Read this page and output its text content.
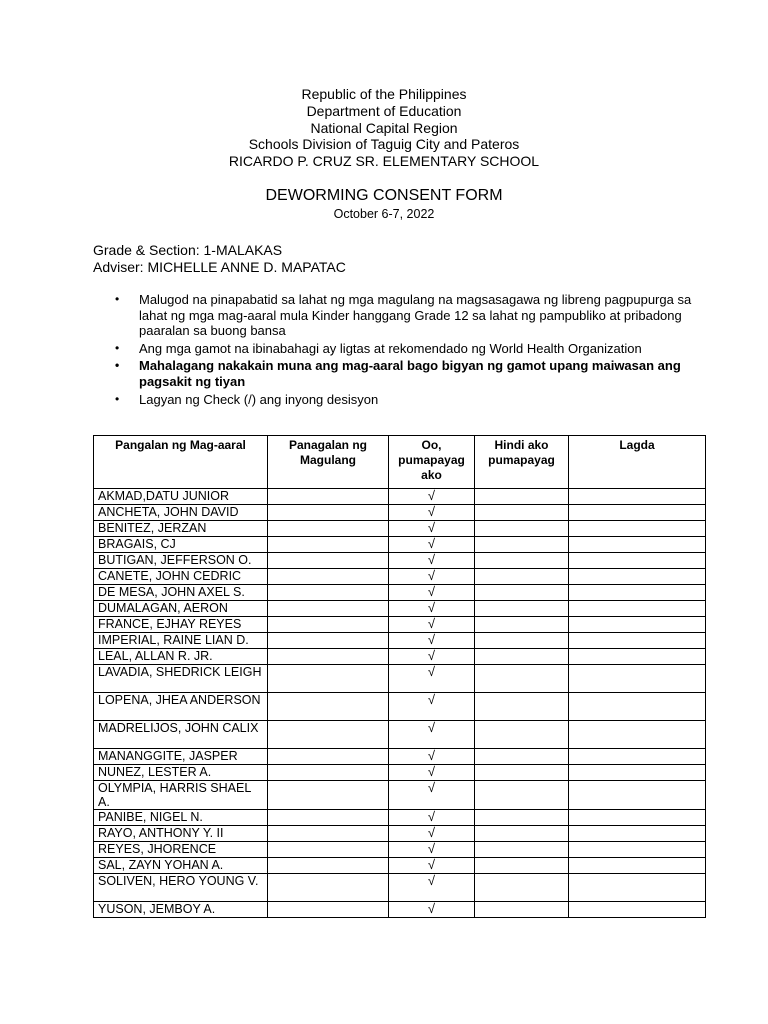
Republic of the Philippines
Department of Education
National Capital Region
Schools Division of Taguig City and Pateros
RICARDO P. CRUZ SR. ELEMENTARY SCHOOL
DEWORMING CONSENT FORM
October 6-7, 2022
Grade & Section: 1-MALAKAS
Adviser: MICHELLE ANNE D. MAPATAC
• Malugod na pinapabatid sa lahat ng mga magulang na magsasagawa ng libreng pagpupurga sa lahat ng mga mag-aaral mula Kinder hanggang Grade 12 sa lahat ng pampubliko at pribadong paaralan sa buong bansa
• Ang mga gamot na ibinabahagi ay ligtas at rekomendado ng World Health Organization
• Mahalagang nakakain muna ang mag-aaral bago bigyan ng gamot upang maiwasan ang pagsakit ng tiyan
• Lagyan ng Check (/) ang inyong desisyon
Pangalan ng Mag-aaral	Panagalan ng Magulang	Oo, pumapayag ako	Hindi ako pumapayag	Lagda
AKMAD,DATU JUNIOR		√		
ANCHETA, JOHN DAVID		√		
BENITEZ, JERZAN		√		
BRAGAIS, CJ		√		
BUTIGAN, JEFFERSON O.		√		
CANETE, JOHN CEDRIC		√		
DE MESA, JOHN AXEL S.		√		
DUMALAGAN, AERON		√		
FRANCE, EJHAY REYES		√		
IMPERIAL, RAINE LIAN D.		√		
LEAL, ALLAN R. JR.		√		
LAVADIA, SHEDRICK LEIGH		√		
LOPENA, JHEA ANDERSON		√		
MADRELIJOS, JOHN CALIX		√		
MANANGGITE, JASPER		√		
NUNEZ, LESTER A.		√		
OLYMPIA, HARRIS SHAEL A.		√		
PANIBE, NIGEL N.		√		
RAYO, ANTHONY Y. II		√		
REYES, JHORENCE		√		
SAL, ZAYN YOHAN A.		√		
SOLIVEN, HERO YOUNG V.		√		
YUSON, JEMBOY A.		√		
